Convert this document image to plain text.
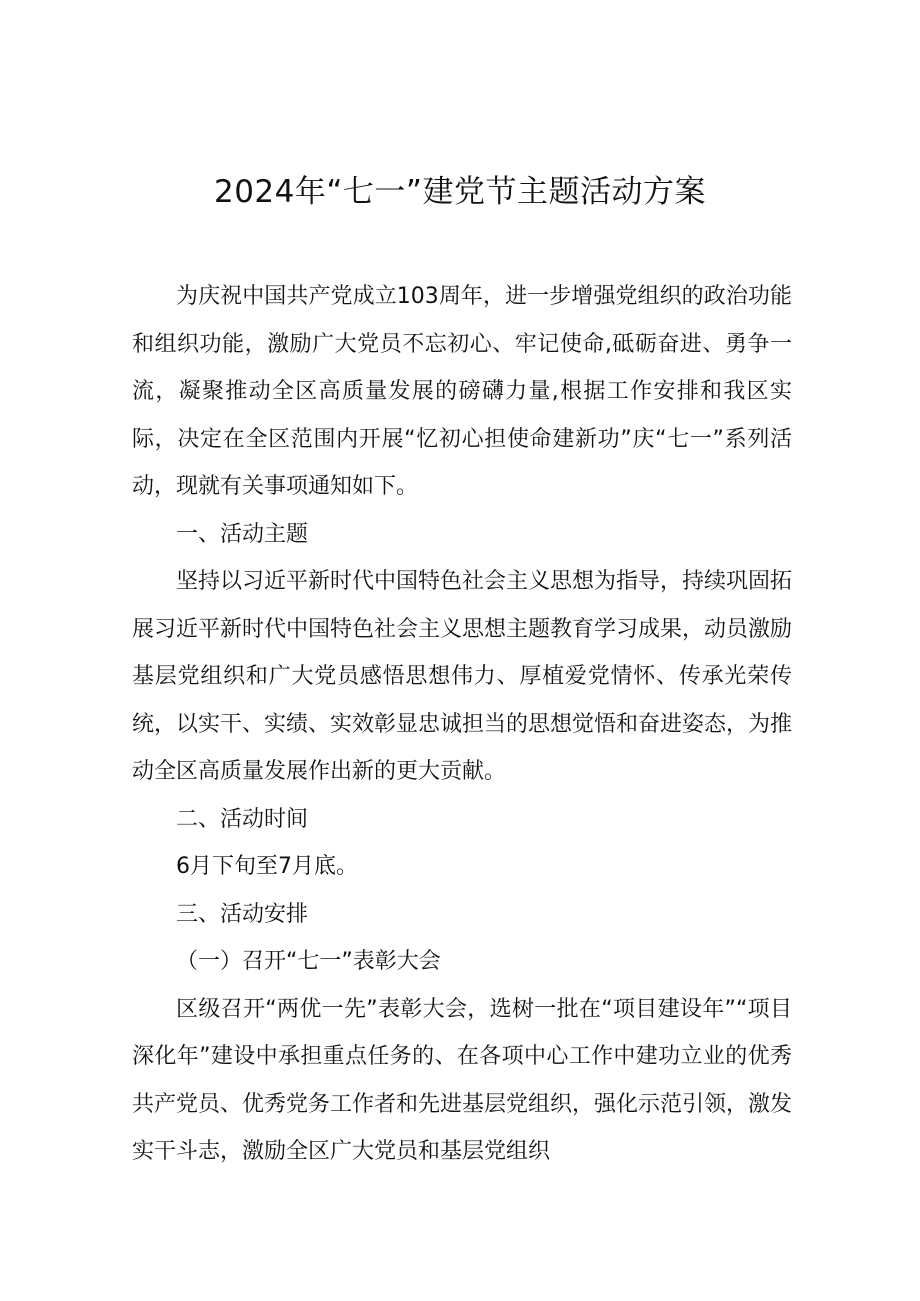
2024年“七一”建党节主题活动方案

为庆祝中国共产党成立103周年，进一步增强党组织的政治功能和组织功能，激励广大党员不忘初心、牢记使命,砥砺奋进、勇争一流，凝聚推动全区高质量发展的磅礴力量,根据工作安排和我区实际，决定在全区范围内开展“忆初心担使命建新功”庆“七一”系列活动，现就有关事项通知如下。

一、活动主题

坚持以习近平新时代中国特色社会主义思想为指导，持续巩固拓展习近平新时代中国特色社会主义思想主题教育学习成果，动员激励基层党组织和广大党员感悟思想伟力、厚植爱党情怀、传承光荣传统，以实干、实绩、实效彰显忠诚担当的思想觉悟和奋进姿态，为推动全区高质量发展作出新的更大贡献。

二、活动时间

6月下旬至7月底。

三、活动安排

（一）召开“七一”表彰大会

区级召开“两优一先”表彰大会，选树一批在“项目建设年”“项目深化年”建设中承担重点任务的、在各项中心工作中建功立业的优秀共产党员、优秀党务工作者和先进基层党组织，强化示范引领，激发实干斗志，激励全区广大党员和基层党组织
